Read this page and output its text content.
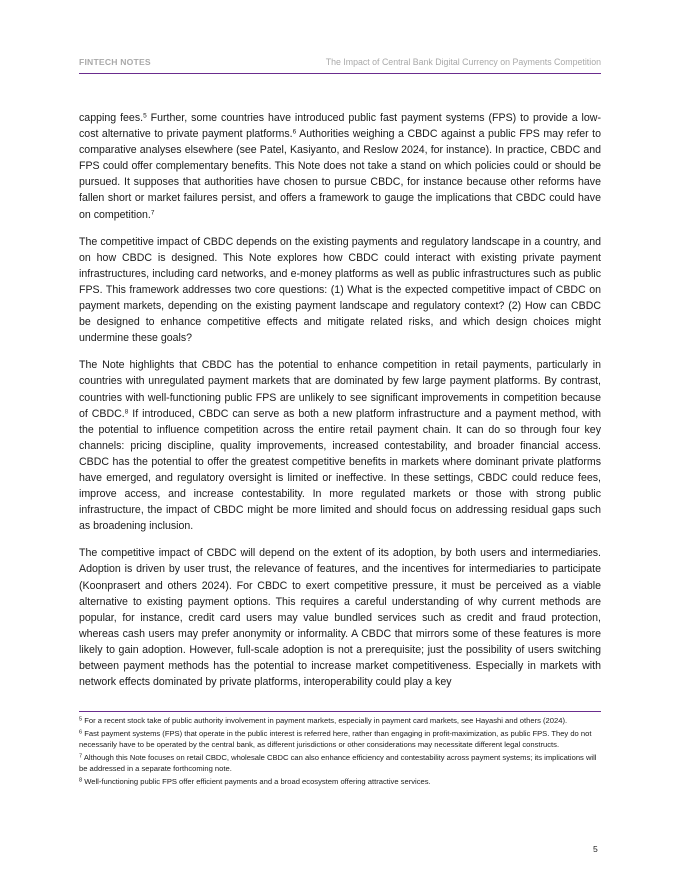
FINTECH NOTES	The Impact of Central Bank Digital Currency on Payments Competition

capping fees.$^5$ Further, some countries have introduced public fast payment systems (FPS) to provide a low-cost alternative to private payment platforms.$^6$ Authorities weighing a CBDC against a public FPS may refer to comparative analyses elsewhere (see Patel, Kasiyanto, and Reslow 2024, for instance). In practice, CBDC and FPS could offer complementary benefits. This Note does not take a stand on which policies could or should be pursued. It supposes that authorities have chosen to pursue CBDC, for instance because other reforms have fallen short or market failures persist, and offers a framework to gauge the implications that CBDC could have on competition.$^7$

The competitive impact of CBDC depends on the existing payments and regulatory landscape in a country, and on how CBDC is designed. This Note explores how CBDC could interact with existing private payment infrastructures, including card networks, and e-money platforms as well as public infrastructures such as public FPS. This framework addresses two core questions: (1) What is the expected competitive impact of CBDC on payment markets, depending on the existing payment landscape and regulatory context? (2) How can CBDC be designed to enhance competitive effects and mitigate related risks, and which design choices might undermine these goals?

The Note highlights that CBDC has the potential to enhance competition in retail payments, particularly in countries with unregulated payment markets that are dominated by few large payment platforms. By contrast, countries with well-functioning public FPS are unlikely to see significant improvements in competition because of CBDC.$^8$ If introduced, CBDC can serve as both a new platform infrastructure and a payment method, with the potential to influence competition across the entire retail payment chain. It can do so through four key channels: pricing discipline, quality improvements, increased contestability, and broader financial access. CBDC has the potential to offer the greatest competitive benefits in markets where dominant private platforms have emerged, and regulatory oversight is limited or ineffective. In these settings, CBDC could reduce fees, improve access, and increase contestability. In more regulated markets or those with strong public infrastructure, the impact of CBDC might be more limited and should focus on addressing residual gaps such as broadening inclusion.

The competitive impact of CBDC will depend on the extent of its adoption, by both users and intermediaries. Adoption is driven by user trust, the relevance of features, and the incentives for intermediaries to participate (Koonprasert and others 2024). For CBDC to exert competitive pressure, it must be perceived as a viable alternative to existing payment options. This requires a careful understanding of why current methods are popular, for instance, credit card users may value bundled services such as credit and fraud protection, whereas cash users may prefer anonymity or informality. A CBDC that mirrors some of these features is more likely to gain adoption. However, full-scale adoption is not a prerequisite; just the possibility of users switching between payment methods has the potential to increase market competitiveness. Especially in markets with network effects dominated by private platforms, interoperability could play a key

$^5$ For a recent stock take of public authority involvement in payment markets, especially in payment card markets, see Hayashi and others (2024).

$^6$ Fast payment systems (FPS) that operate in the public interest is referred here, rather than engaging in profit-maximization, as public FPS. They do not necessarily have to be operated by the central bank, as different jurisdictions or other considerations may necessitate different legal constructs.

$^7$ Although this Note focuses on retail CBDC, wholesale CBDC can also enhance efficiency and contestability across payment systems; its implications will be addressed in a separate forthcoming note.

$^8$ Well-functioning public FPS offer efficient payments and a broad ecosystem offering attractive services.

5
